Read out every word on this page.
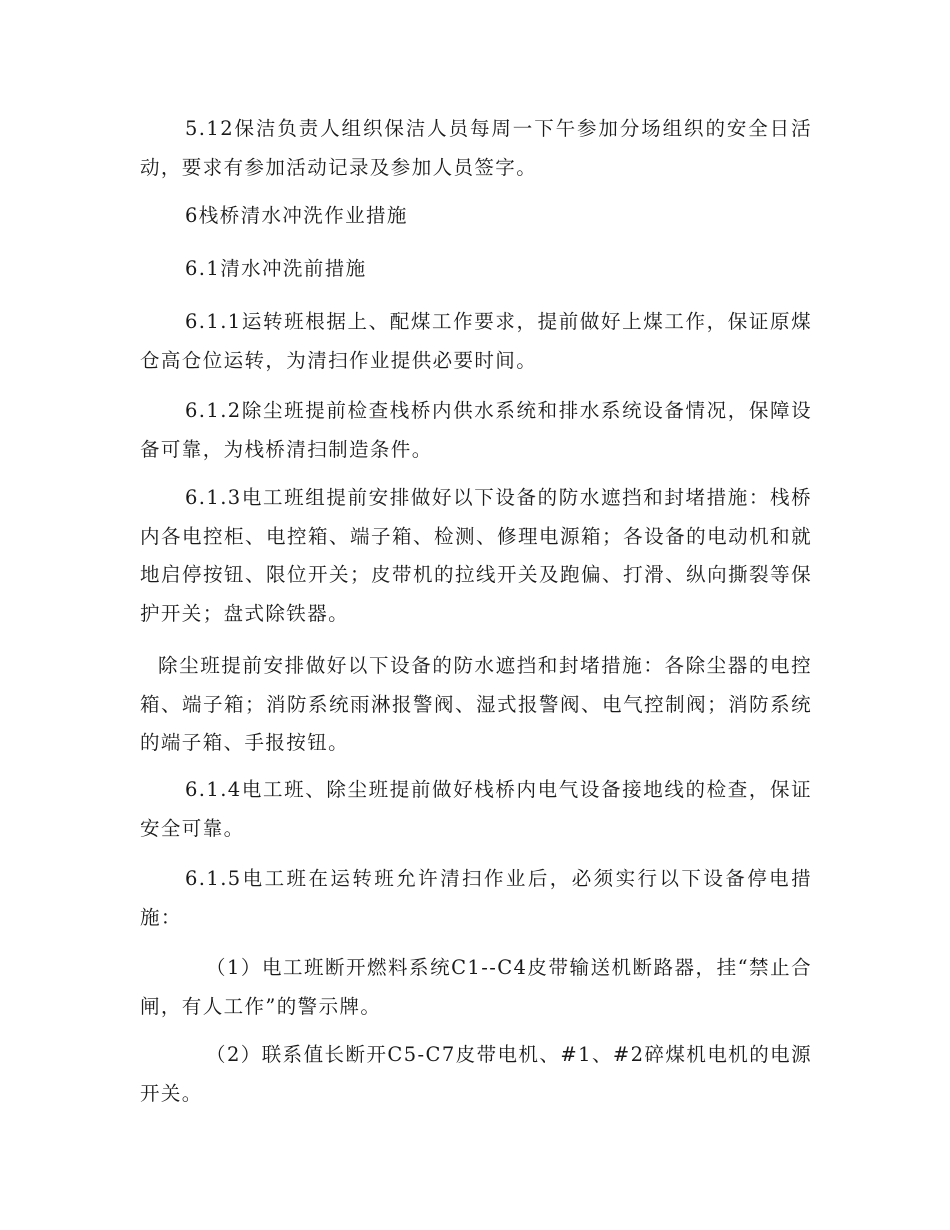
5.12保洁负责人组织保洁人员每周一下午参加分场组织的安全日活动，要求有参加活动记录及参加人员签字。

6栈桥清水冲洗作业措施

6.1清水冲洗前措施

6.1.1运转班根据上、配煤工作要求，提前做好上煤工作，保证原煤仓高仓位运转，为清扫作业提供必要时间。

6.1.2除尘班提前检查栈桥内供水系统和排水系统设备情况，保障设备可靠，为栈桥清扫制造条件。

6.1.3电工班组提前安排做好以下设备的防水遮挡和封堵措施：栈桥内各电控柜、电控箱、端子箱、检测、修理电源箱；各设备的电动机和就地启停按钮、限位开关；皮带机的拉线开关及跑偏、打滑、纵向撕裂等保护开关；盘式除铁器。

除尘班提前安排做好以下设备的防水遮挡和封堵措施：各除尘器的电控箱、端子箱；消防系统雨淋报警阀、湿式报警阀、电气控制阀；消防系统的端子箱、手报按钮。

6.1.4电工班、除尘班提前做好栈桥内电气设备接地线的检查，保证安全可靠。

6.1.5电工班在运转班允许清扫作业后，必须实行以下设备停电措施：

（1）电工班断开燃料系统C1--C4皮带输送机断路器，挂“禁止合闸，有人工作”的警示牌。

（2）联系值长断开C5-C7皮带电机、#1、#2碎煤机电机的电源开关。
